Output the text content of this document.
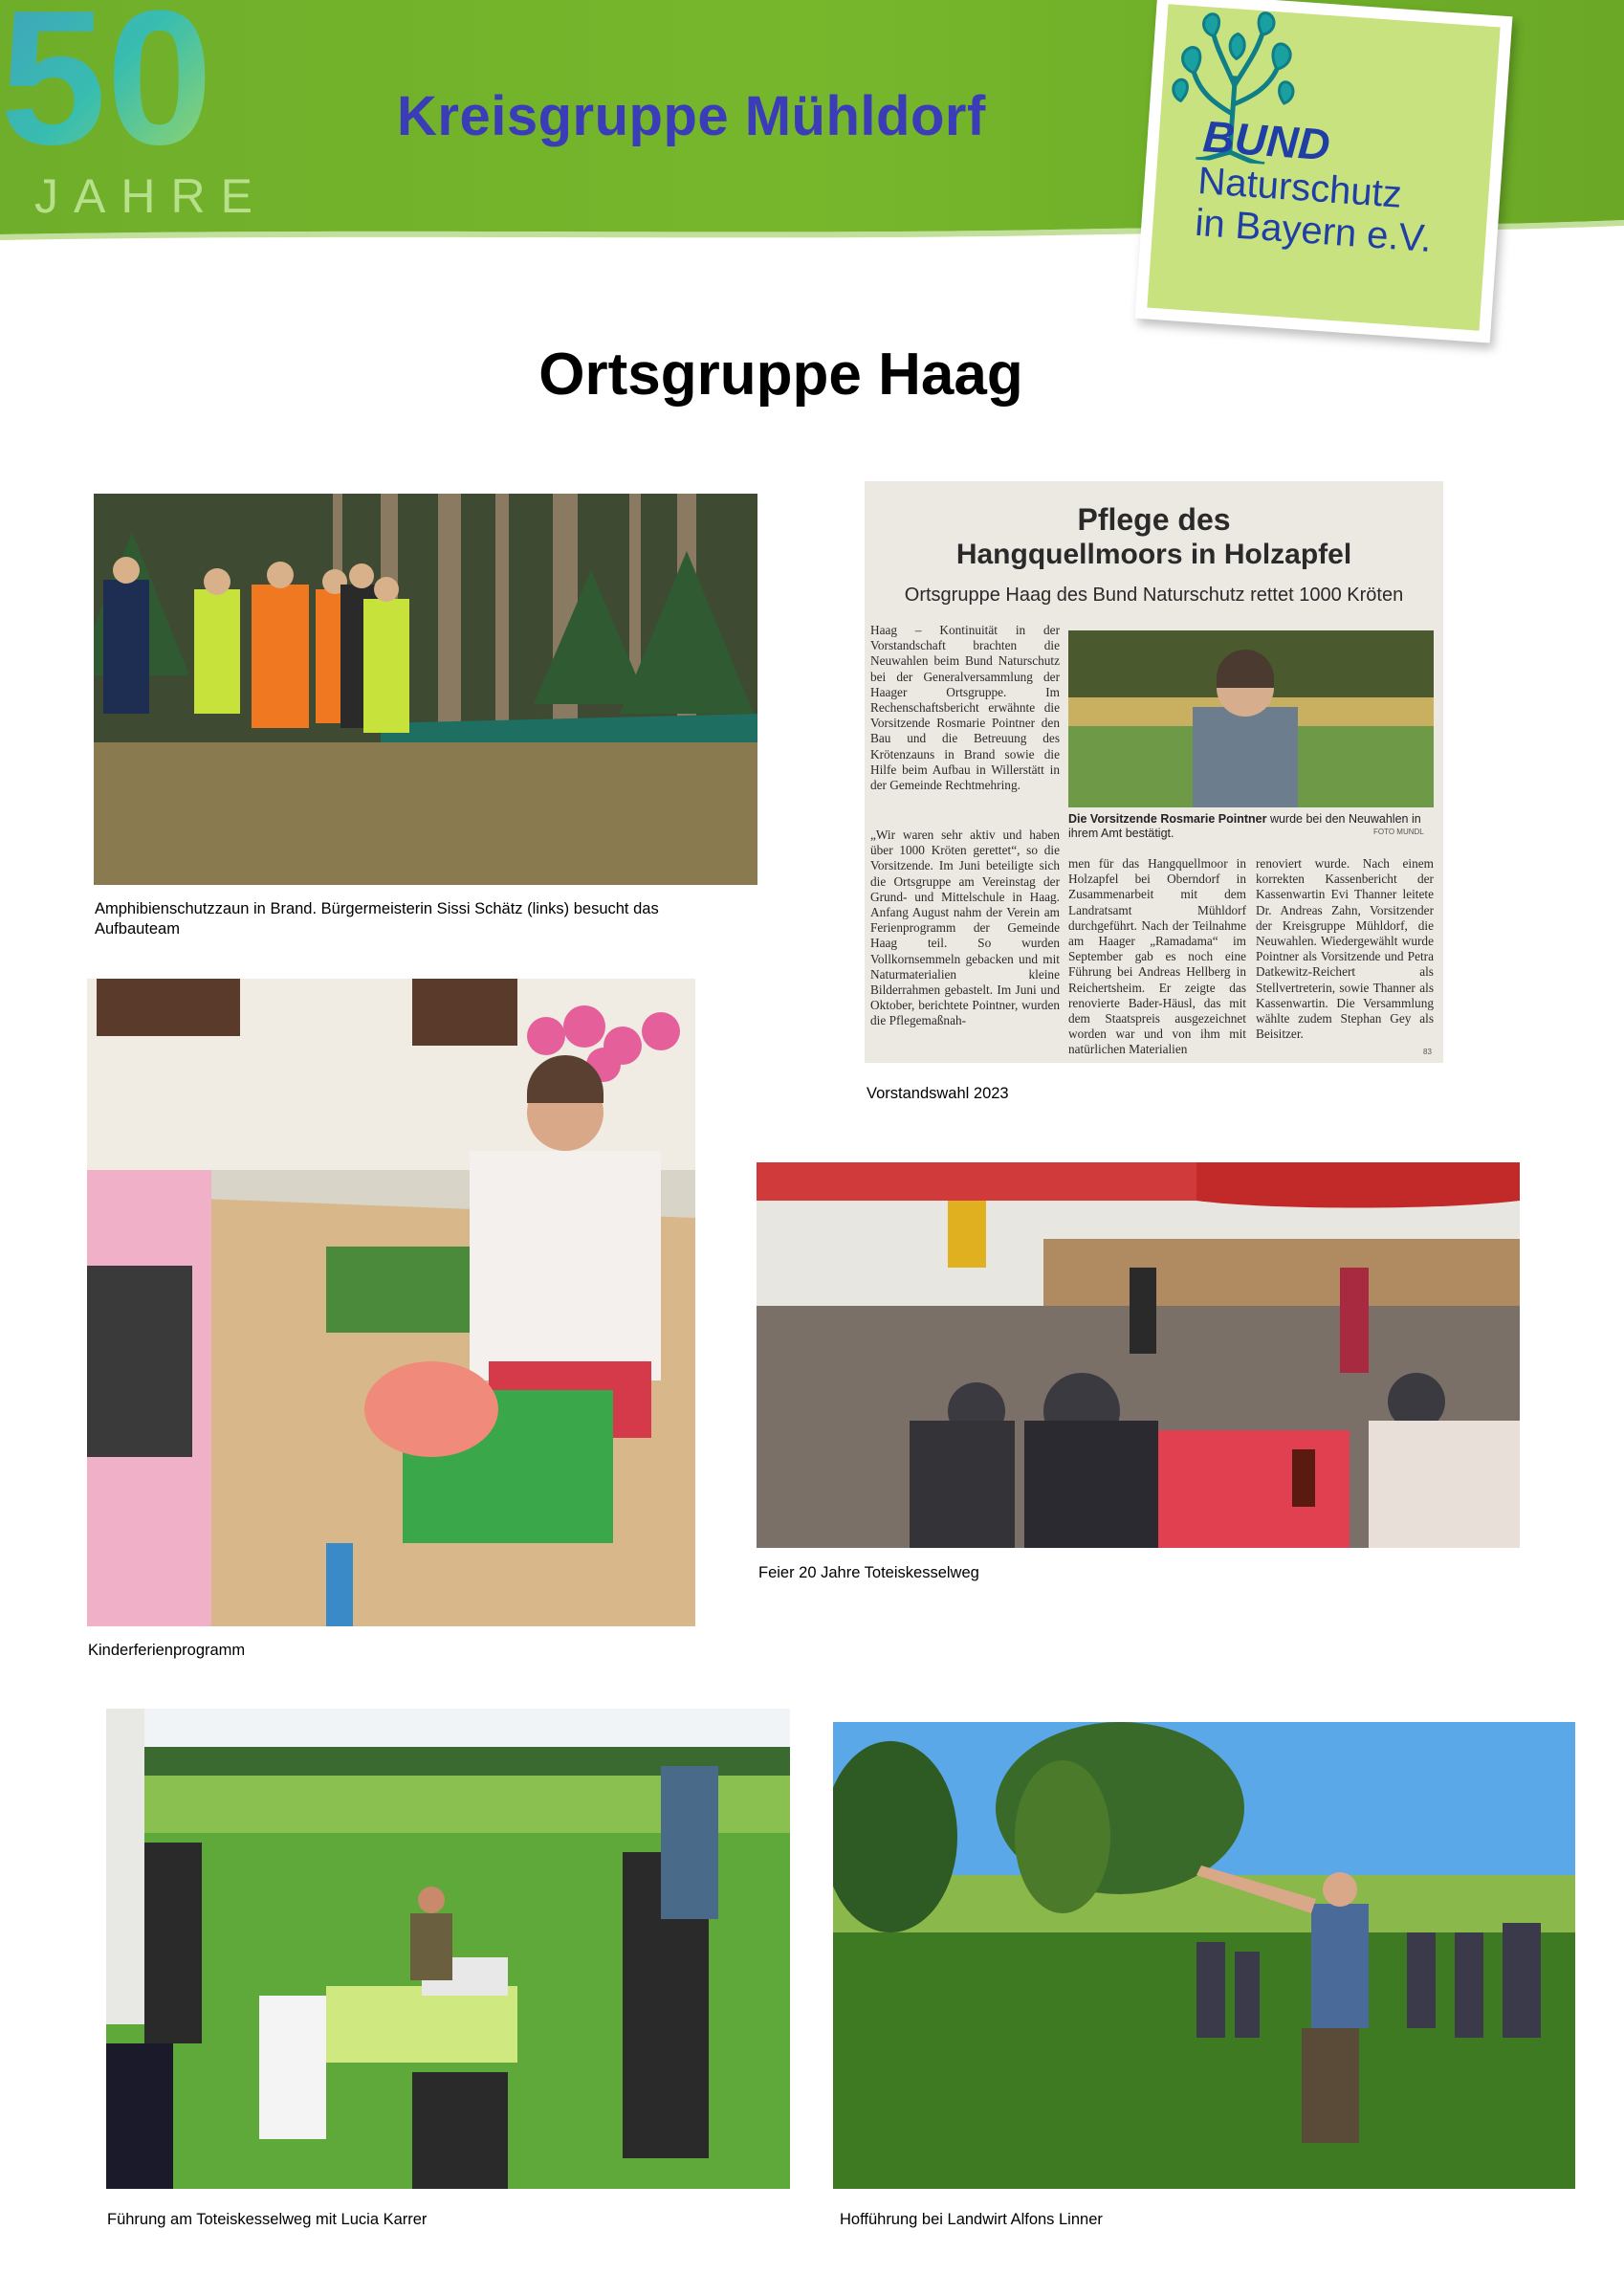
50
JAHRE
Kreisgruppe Mühldorf	BUND
Naturschutz
in Bayern e.V.
Ortsgruppe Haag
Amphibienschutzzaun in Brand. Bürgermeisterin Sissi Schätz (links) besucht das Aufbauteam
Pflege des
Hangquellmoors in Holzapfel
Ortsgruppe Haag des Bund Naturschutz rettet 1000 Kröten
Haag – Kontinuität in der Vorstandschaft brachten die Neuwahlen beim Bund Naturschutz bei der Generalversammlung der Haager Ortsgruppe. Im Rechenschaftsbericht erwähnte die Vorsitzende Rosmarie Pointner den Bau und die Betreuung des Krötenzauns in Brand sowie die Hilfe beim Aufbau in Willerstätt in der Gemeinde Rechtmehring.
„Wir waren sehr aktiv und haben über 1000 Kröten gerettet“, so die Vorsitzende. Im Juni beteiligte sich die Ortsgruppe am Vereinstag der Grund- und Mittelschule in Haag. Anfang August nahm der Verein am Ferienprogramm der Gemeinde Haag teil. So wurden Vollkornsemmeln gebacken und mit Naturmaterialien kleine Bilderrahmen gebastelt. Im Juni und Oktober, berichtete Pointner, wurden die Pflegemaßnah-
men für das Hangquellmoor in Holzapfel bei Oberndorf in Zusammenarbeit mit dem Landratsamt Mühldorf durchgeführt. Nach der Teilnahme am Haager „Ramadama“ im September gab es noch eine Führung bei Andreas Hellberg in Reichertsheim. Er zeigte das renovierte Bader-Häusl, das mit dem Staatspreis ausgezeichnet worden war und von ihm mit natürlichen Materialien
renoviert wurde. Nach einem korrekten Kassenbericht der Kassenwartin Evi Thanner leitete Dr. Andreas Zahn, Vorsitzender der Kreisgruppe Mühldorf, die Neuwahlen. Wiedergewählt wurde Pointner als Vorsitzende und Petra Datkewitz-Reichert als Stellvertreterin, sowie Thanner als Kassenwartin. Die Versammlung wählte zudem Stephan Gey als Beisitzer.
Die Vorsitzende Rosmarie Pointner wurde bei den Neuwahlen in ihrem Amt bestätigt.	FOTO MUNDL
83
Vorstandswahl 2023
Kinderferienprogramm
Feier 20 Jahre Toteiskesselweg
Führung am Toteiskesselweg mit Lucia Karrer	Hofführung bei Landwirt Alfons Linner
